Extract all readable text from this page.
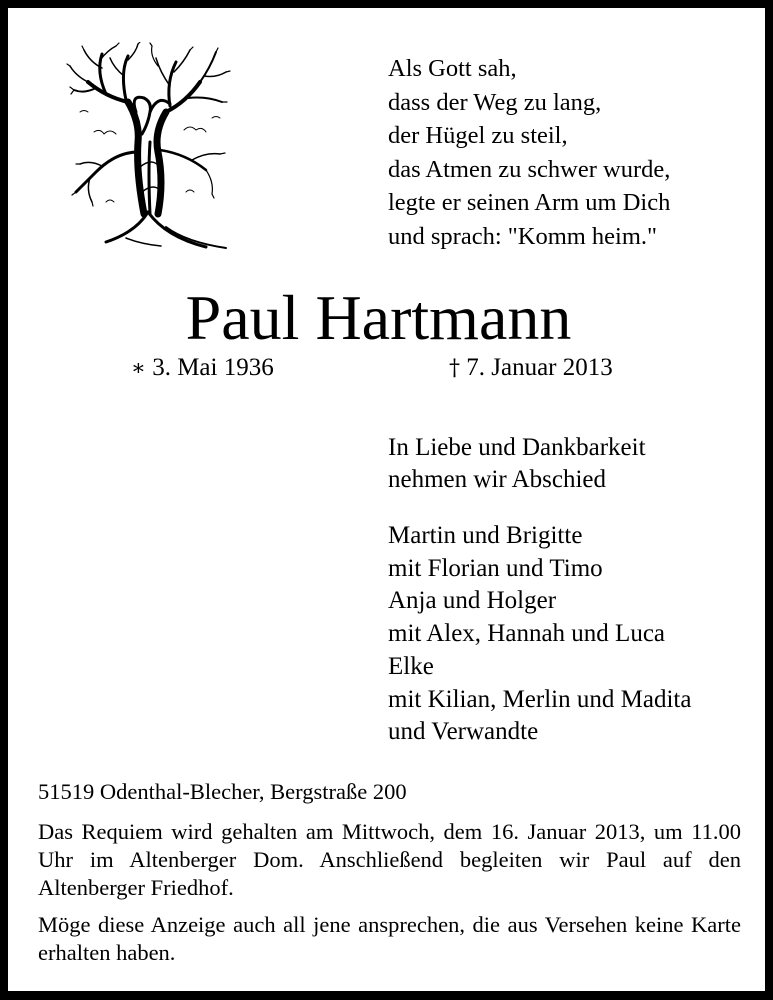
Als Gott sah,
dass der Weg zu lang,
der Hügel zu steil,
das Atmen zu schwer wurde,
legte er seinen Arm um Dich
und sprach: "Komm heim."
Paul Hartmann
∗ 3. Mai 1936	† 7. Januar 2013
In Liebe und Dankbarkeit
nehmen wir Abschied
Martin und Brigitte
mit Florian und Timo
Anja und Holger
mit Alex, Hannah und Luca
Elke
mit Kilian, Merlin und Madita
und Verwandte
51519 Odenthal-Blecher, Bergstraße 200
Das Requiem wird gehalten am Mittwoch, dem 16. Januar 2013, um 11.00 Uhr im Altenberger Dom. Anschließend begleiten wir Paul auf den Altenberger Friedhof.
Möge diese Anzeige auch all jene ansprechen, die aus Versehen keine Karte erhalten haben.
